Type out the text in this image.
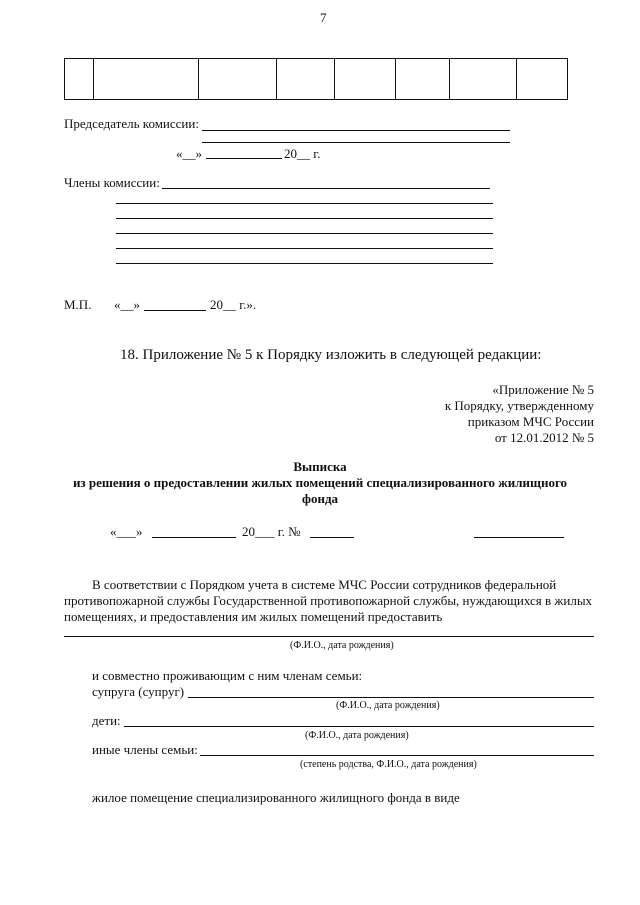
7

Председатель комиссии:
«__»	20__ г.
Члены комиссии:
М.П. «__»	20__ г.».
18. Приложение № 5 к Порядку изложить в следующей редакции:
«Приложение № 5
к Порядку, утвержденному
приказом МЧС России
от 12.01.2012 № 5
Выписка
из решения о предоставлении жилых помещений специализированного жилищного
фонда
«___»	20___ г. №
В соответствии с Порядком учета в системе МЧС России сотрудников федеральной
противопожарной службы Государственной противопожарной службы, нуждающихся в жилых
помещениях, и предоставления им жилых помещений предоставить
(Ф.И.О., дата рождения)
и совместно проживающим с ним членам семьи:
супруга (супруг)
(Ф.И.О., дата рождения)
дети:
(Ф.И.О., дата рождения)
иные члены семьи:
(степень родства, Ф.И.О., дата рождения)
жилое помещение специализированного жилищного фонда в виде
